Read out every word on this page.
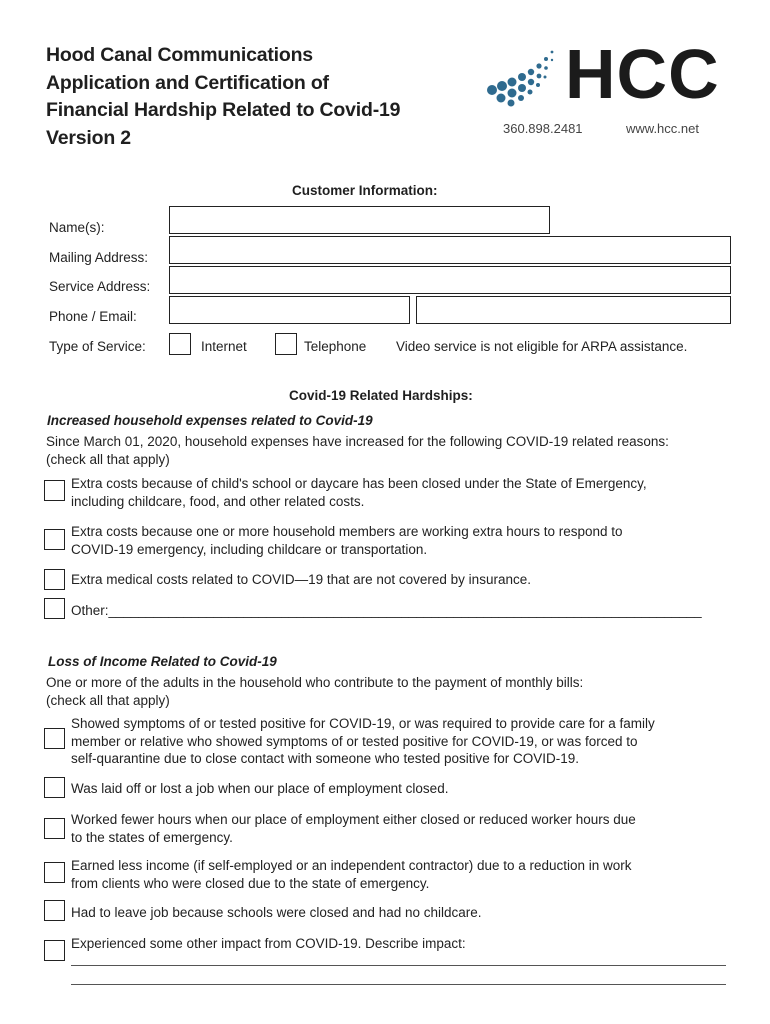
Hood Canal Communications
Application and Certification of
Financial Hardship Related to Covid-19
Version 2
HCC
360.898.2481	www.hcc.net
Customer Information:
Name(s):
Mailing Address:
Service Address:
Phone / Email:
Type of Service:	Internet	Telephone Video service is not eligible for ARPA assistance.
Covid-19 Related Hardships:
Increased household expenses related to Covid-19
Since March 01, 2020, household expenses have increased for the following COVID-19 related reasons:
(check all that apply)
Extra costs because of child's school or daycare has been closed under the State of Emergency,
including childcare, food, and other related costs.
Extra costs because one or more household members are working extra hours to respond to
COVID-19 emergency, including childcare or transportation.
Extra medical costs related to COVID—19 that are not covered by insurance.
Other:_______________________________________________________________________________
Loss of Income Related to Covid-19
One or more of the adults in the household who contribute to the payment of monthly bills:
(check all that apply)
Showed symptoms of or tested positive for COVID-19, or was required to provide care for a family
member or relative who showed symptoms of or tested positive for COVID-19, or was forced to
self-quarantine due to close contact with someone who tested positive for COVID-19.
Was laid off or lost a job when our place of employment closed.
Worked fewer hours when our place of employment either closed or reduced worker hours due
to the states of emergency.
Earned less income (if self-employed or an independent contractor) due to a reduction in work
from clients who were closed due to the state of emergency.
Had to leave job because schools were closed and had no childcare.
Experienced some other impact from COVID-19. Describe impact:
